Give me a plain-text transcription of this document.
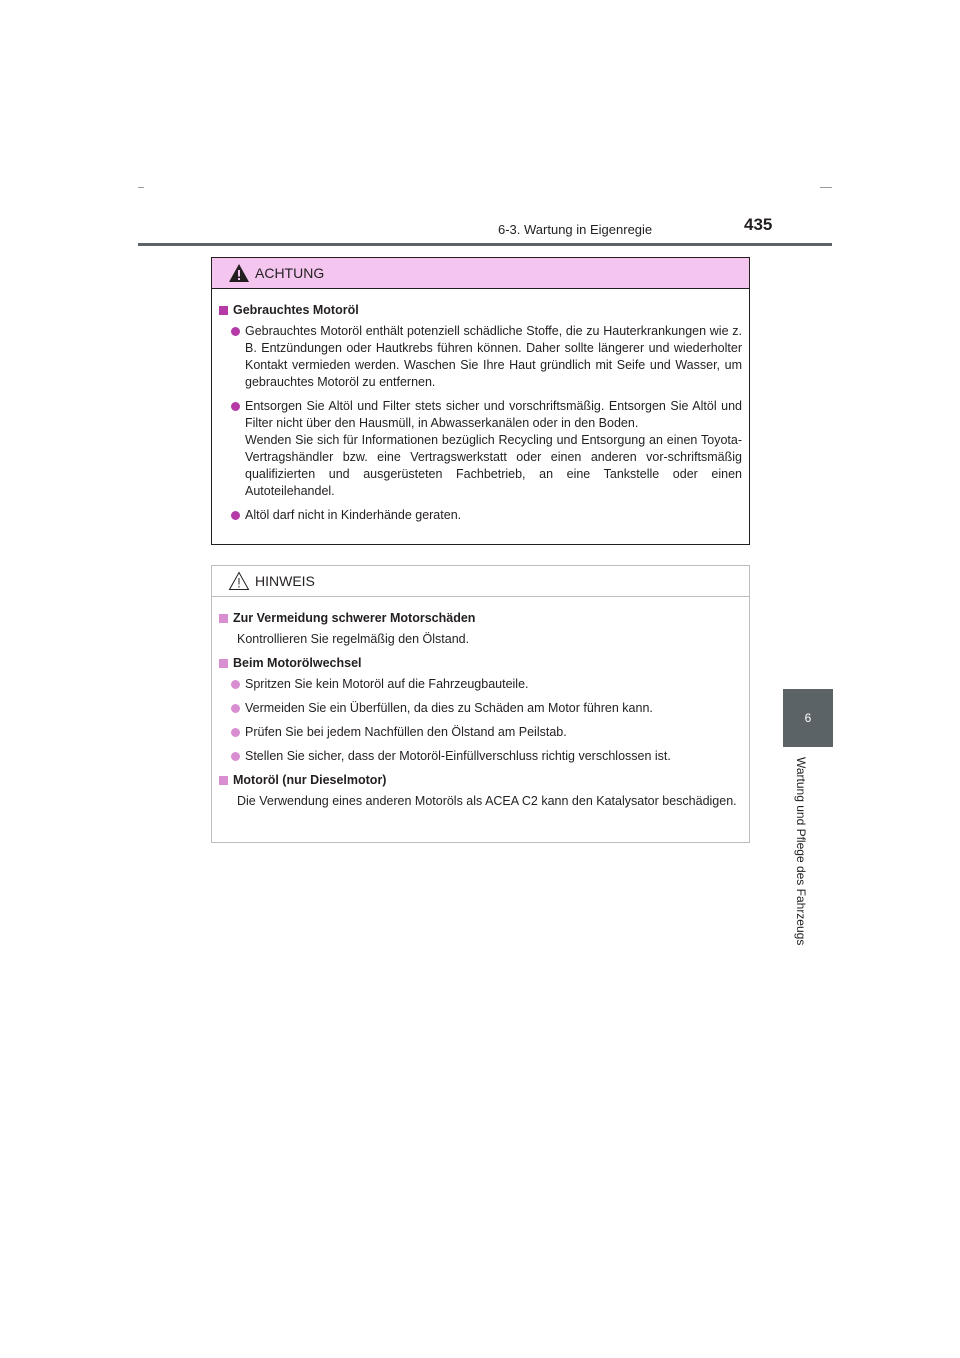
6-3. Wartung in Eigenregie	435
6
Wartung und Pflege des Fahrzeugs
ACHTUNG
Gebrauchtes Motoröl

Gebrauchtes Motoröl enthält potenziell schädliche Stoffe, die zu Hauterkrankungen wie z. B. Entzündungen oder Hautkrebs führen können. Daher sollte längerer und wiederholter Kontakt vermieden werden. Waschen Sie Ihre Haut gründlich mit Seife und Wasser, um gebrauchtes Motoröl zu entfernen.

Entsorgen Sie Altöl und Filter stets sicher und vorschriftsmäßig. Entsorgen Sie Altöl und Filter nicht über den Hausmüll, in Abwasserkanälen oder in den Boden.

Wenden Sie sich für Informationen bezüglich Recycling und Entsorgung an einen Toyota-Vertragshändler bzw. eine Vertragswerkstatt oder einen anderen vor-schriftsmäßig qualifizierten und ausgerüsteten Fachbetrieb, an eine Tankstelle oder einen Autoteilehandel.

Altöl darf nicht in Kinderhände geraten.

HINWEIS
Zur Vermeidung schwerer Motorschäden

Kontrollieren Sie regelmäßig den Ölstand.

Beim Motorölwechsel

Spritzen Sie kein Motoröl auf die Fahrzeugbauteile.

Vermeiden Sie ein Überfüllen, da dies zu Schäden am Motor führen kann.

Prüfen Sie bei jedem Nachfüllen den Ölstand am Peilstab.

Stellen Sie sicher, dass der Motoröl-Einfüllverschluss richtig verschlossen ist.

Motoröl (nur Dieselmotor)

Die Verwendung eines anderen Motoröls als ACEA C2 kann den Katalysator beschädigen.
